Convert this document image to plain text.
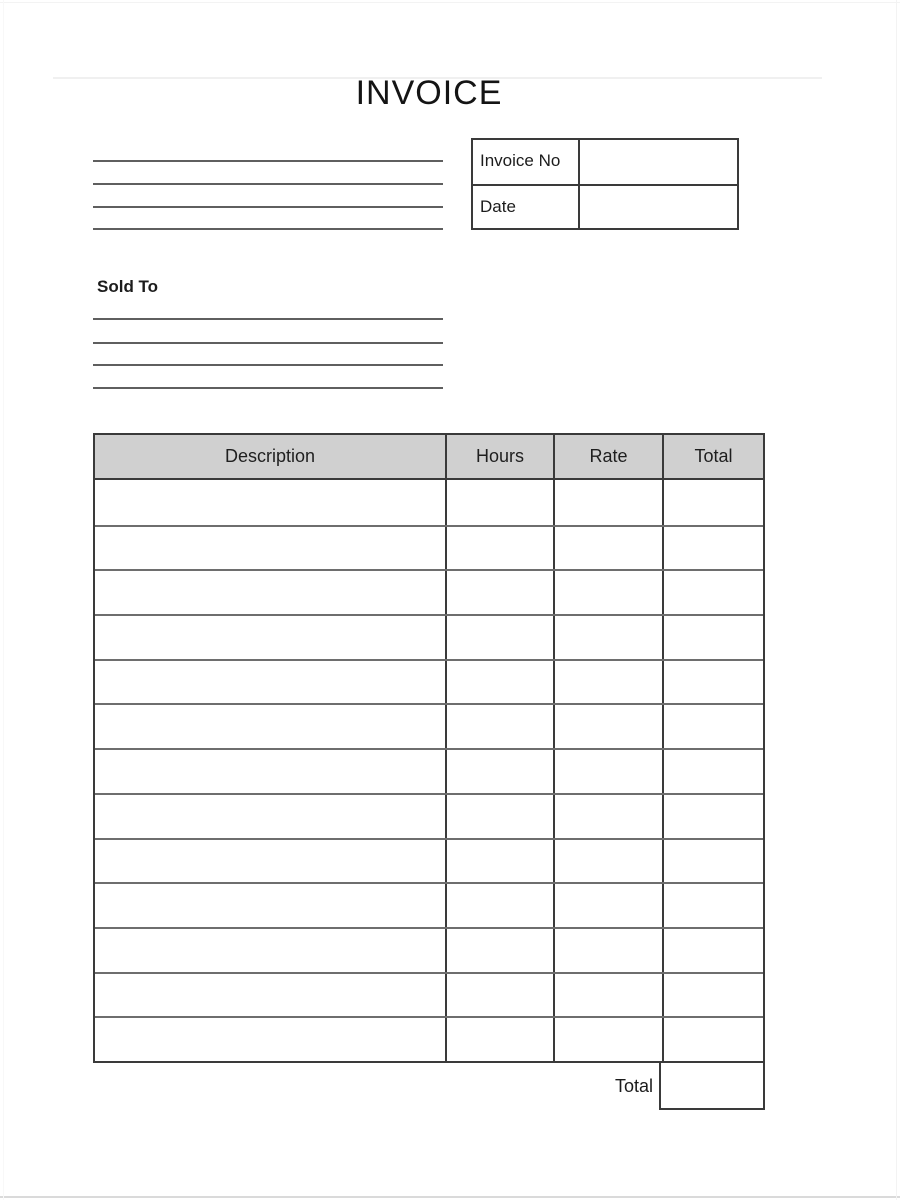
INVOICE
Invoice No
Date
Sold To
Description	Hours	Rate	Total
Total
